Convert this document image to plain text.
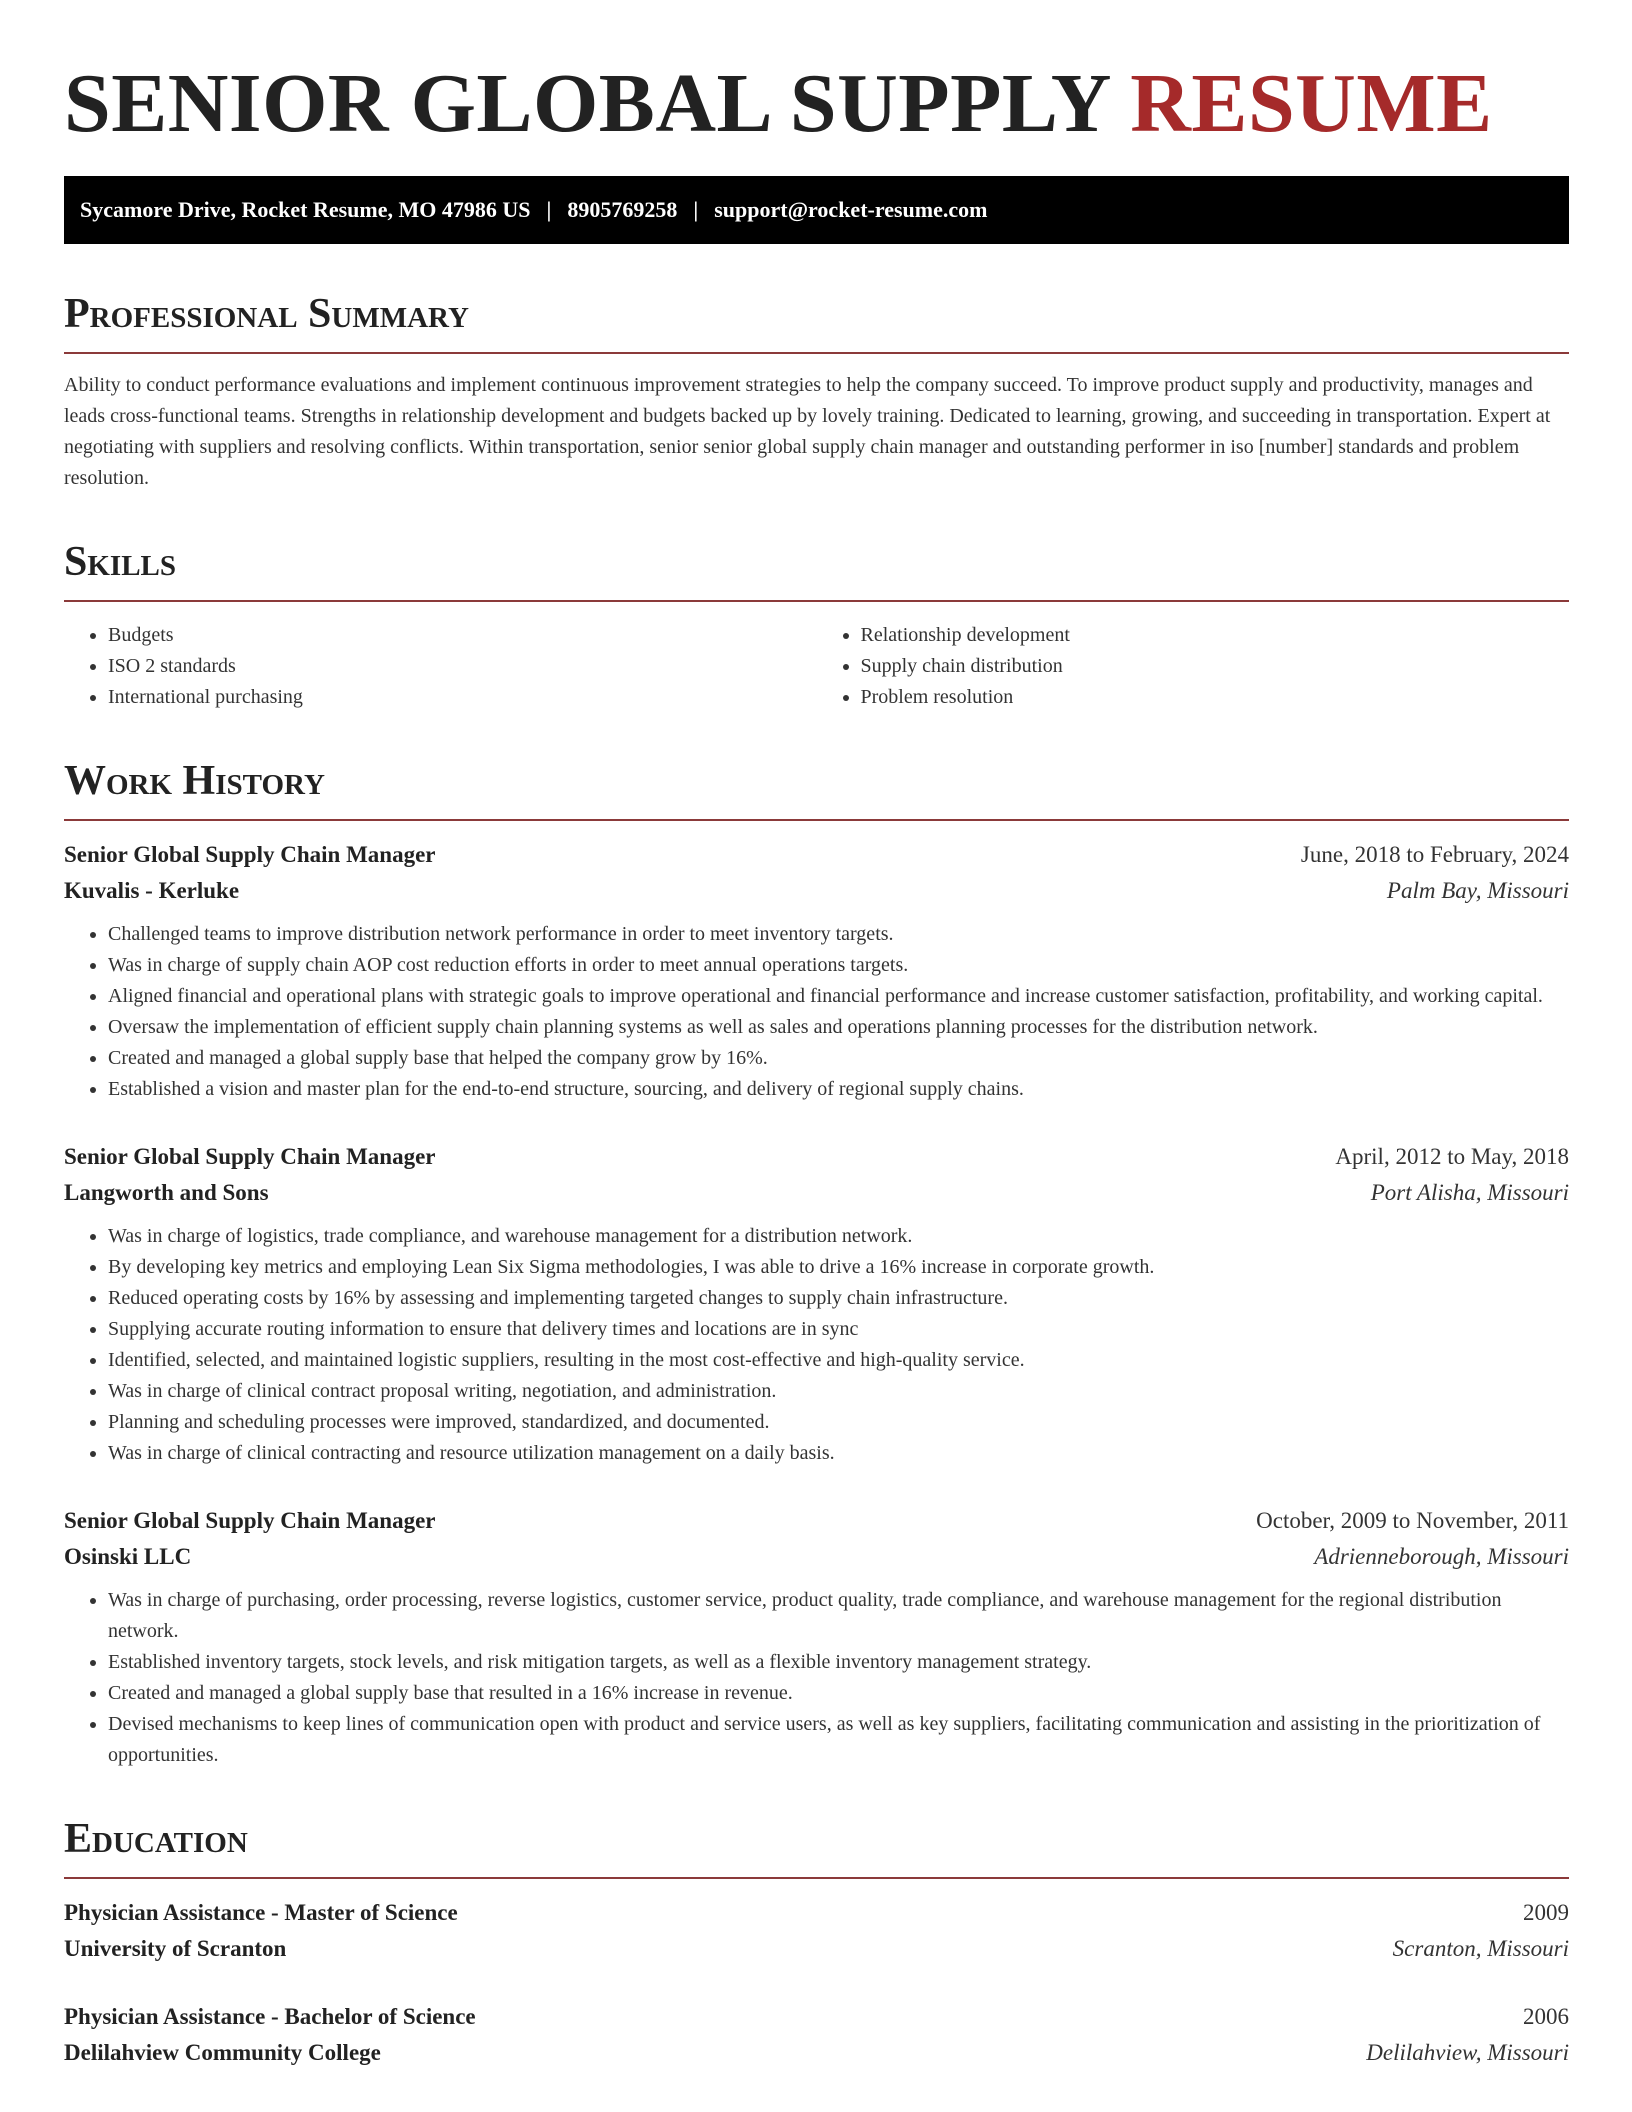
SENIOR GLOBAL SUPPLY RESUME
Sycamore Drive, Rocket Resume, MO 47986 US | 8905769258 | support@rocket-resume.com
Professional Summary

Ability to conduct performance evaluations and implement continuous improvement strategies to help the company succeed. To improve product supply and productivity, manages and leads cross-functional teams. Strengths in relationship development and budgets backed up by lovely training. Dedicated to learning, growing, and succeeding in transportation. Expert at negotiating with suppliers and resolving conflicts. Within transportation, senior senior global supply chain manager and outstanding performer in iso [number] standards and problem resolution.

Skills
• Budgets
• ISO 2 standards
• International purchasing
• Relationship development
• Supply chain distribution
• Problem resolution
Work History
Senior Global Supply Chain Manager	June, 2018 to February, 2024
Kuvalis - Kerluke	Palm Bay, Missouri
• Challenged teams to improve distribution network performance in order to meet inventory targets.
• Was in charge of supply chain AOP cost reduction efforts in order to meet annual operations targets.
• Aligned financial and operational plans with strategic goals to improve operational and financial performance and increase customer satisfaction, profitability, and working capital.
• Oversaw the implementation of efficient supply chain planning systems as well as sales and operations planning processes for the distribution network.
• Created and managed a global supply base that helped the company grow by 16%.
• Established a vision and master plan for the end-to-end structure, sourcing, and delivery of regional supply chains.
Senior Global Supply Chain Manager	April, 2012 to May, 2018
Langworth and Sons	Port Alisha, Missouri
• Was in charge of logistics, trade compliance, and warehouse management for a distribution network.
• By developing key metrics and employing Lean Six Sigma methodologies, I was able to drive a 16% increase in corporate growth.
• Reduced operating costs by 16% by assessing and implementing targeted changes to supply chain infrastructure.
• Supplying accurate routing information to ensure that delivery times and locations are in sync
• Identified, selected, and maintained logistic suppliers, resulting in the most cost-effective and high-quality service.
• Was in charge of clinical contract proposal writing, negotiation, and administration.
• Planning and scheduling processes were improved, standardized, and documented.
• Was in charge of clinical contracting and resource utilization management on a daily basis.
Senior Global Supply Chain Manager	October, 2009 to November, 2011
Osinski LLC	Adrienneborough, Missouri
• Was in charge of purchasing, order processing, reverse logistics, customer service, product quality, trade compliance, and warehouse management for the regional distribution network.
• Established inventory targets, stock levels, and risk mitigation targets, as well as a flexible inventory management strategy.
• Created and managed a global supply base that resulted in a 16% increase in revenue.
• Devised mechanisms to keep lines of communication open with product and service users, as well as key suppliers, facilitating communication and assisting in the prioritization of opportunities.
Education
Physician Assistance - Master of Science	2009
University of Scranton	Scranton, Missouri
Physician Assistance - Bachelor of Science	2006
Delilahview Community College	Delilahview, Missouri
